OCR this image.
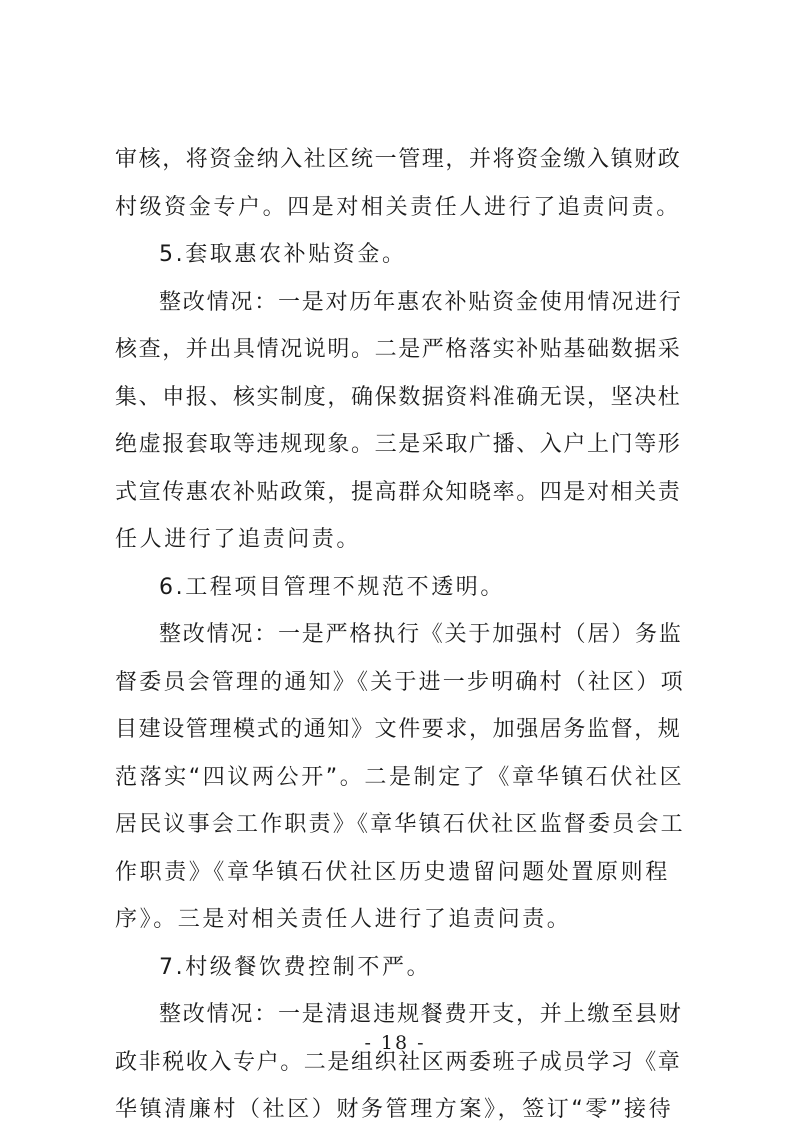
审核，将资金纳入社区统一管理，并将资金缴入镇财政
村级资金专户。四是对相关责任人进行了追责问责。
5.套取惠农补贴资金。
整改情况：一是对历年惠农补贴资金使用情况进行
核查，并出具情况说明。二是严格落实补贴基础数据采
集、申报、核实制度，确保数据资料准确无误，坚决杜
绝虚报套取等违规现象。三是采取广播、入户上门等形
式宣传惠农补贴政策，提高群众知晓率。四是对相关责
任人进行了追责问责。
6.工程项目管理不规范不透明。
整改情况：一是严格执行《关于加强村（居）务监
督委员会管理的通知》《关于进一步明确村（社区）项
目建设管理模式的通知》文件要求，加强居务监督，规
范落实“四议两公开”。二是制定了《章华镇石伏社区
居民议事会工作职责》《章华镇石伏社区监督委员会工
作职责》《章华镇石伏社区历史遗留问题处置原则程
序》。三是对相关责任人进行了追责问责。
7.村级餐饮费控制不严。
整改情况：一是清退违规餐费开支，并上缴至县财
政非税收入专户。二是组织社区两委班子成员学习《章
华镇清廉村（社区）财务管理方案》，签订“零”接待
- 18 -
